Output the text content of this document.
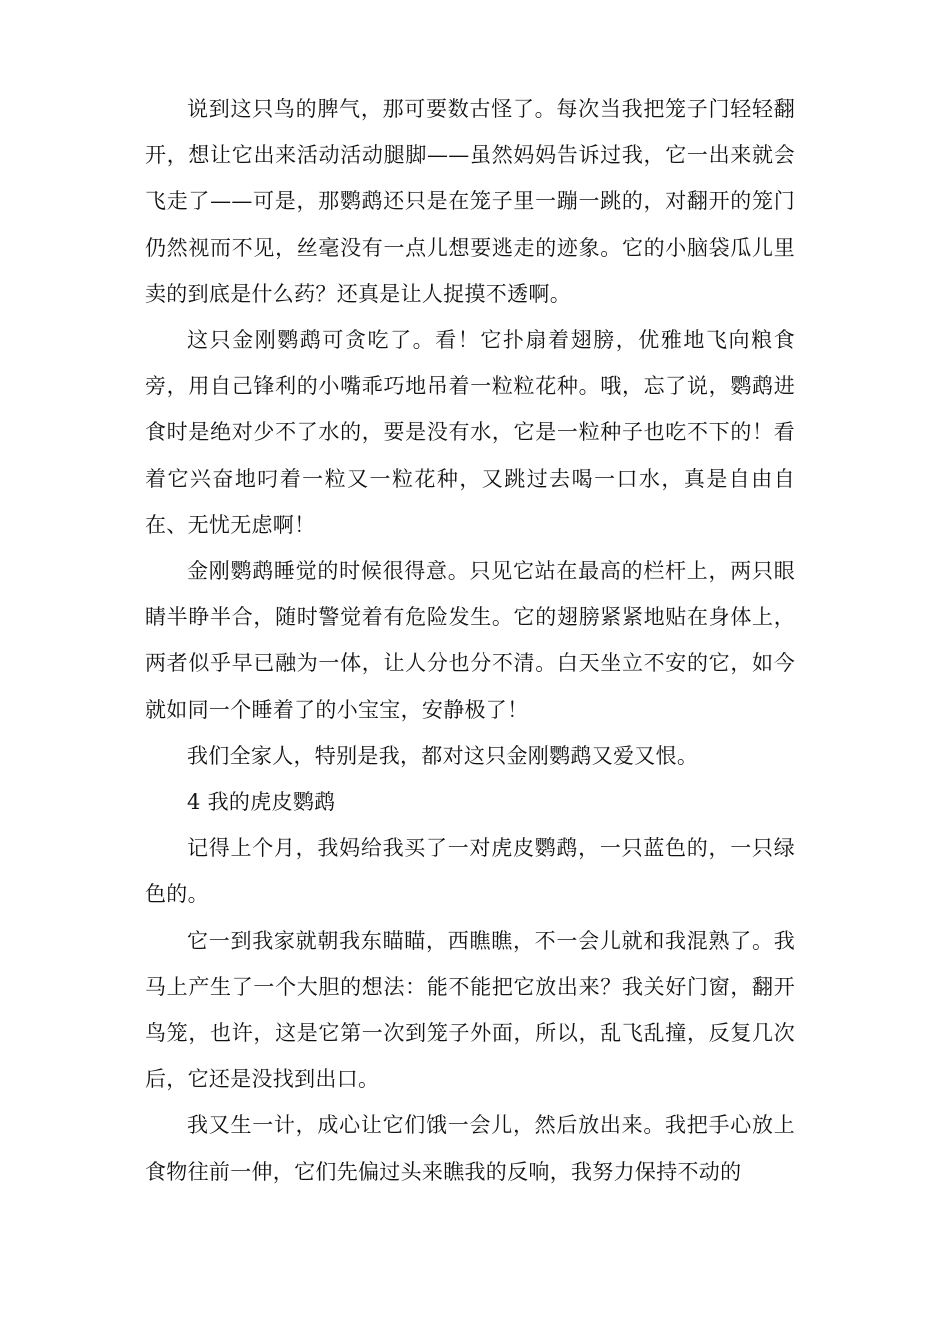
说到这只鸟的脾气，那可要数古怪了。每次当我把笼子门轻轻翻开，想让它出来活动活动腿脚——虽然妈妈告诉过我，它一出来就会飞走了——可是，那鹦鹉还只是在笼子里一蹦一跳的，对翻开的笼门仍然视而不见，丝毫没有一点儿想要逃走的迹象。它的小脑袋瓜儿里卖的到底是什么药？还真是让人捉摸不透啊。

这只金刚鹦鹉可贪吃了。看！它扑扇着翅膀，优雅地飞向粮食旁，用自己锋利的小嘴乖巧地吊着一粒粒花种。哦，忘了说，鹦鹉进食时是绝对少不了水的，要是没有水，它是一粒种子也吃不下的！看着它兴奋地叼着一粒又一粒花种，又跳过去喝一口水，真是自由自在、无忧无虑啊！

金刚鹦鹉睡觉的时候很得意。只见它站在最高的栏杆上，两只眼睛半睁半合，随时警觉着有危险发生。它的翅膀紧紧地贴在身体上，两者似乎早已融为一体，让人分也分不清。白天坐立不安的它，如今就如同一个睡着了的小宝宝，安静极了！

我们全家人，特别是我，都对这只金刚鹦鹉又爱又恨。

4 我的虎皮鹦鹉

记得上个月，我妈给我买了一对虎皮鹦鹉，一只蓝色的，一只绿色的。

它一到我家就朝我东瞄瞄，西瞧瞧，不一会儿就和我混熟了。我马上产生了一个大胆的想法：能不能把它放出来？我关好门窗，翻开鸟笼，也许，这是它第一次到笼子外面，所以，乱飞乱撞，反复几次后，它还是没找到出口。

我又生一计，成心让它们饿一会儿，然后放出来。我把手心放上食物往前一伸，它们先偏过头来瞧我的反响，我努力保持不动的
